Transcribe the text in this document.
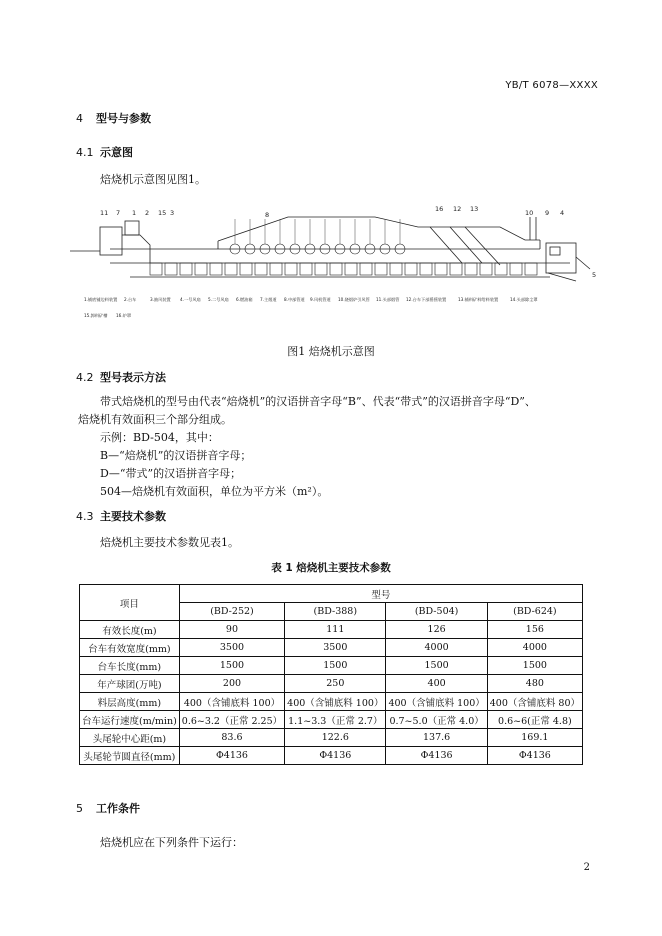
YB/T 6078—XXXX
4 型号与参数
4.1 示意图
焙烧机示意图见图1。
11 7 1 2 15 3	8
16 12 13	10 9 4
5
1.铺底铺边料装置 2.台车	3.抽风装置 4.一号风扇 5.二号风扇 6.燃油箱 7.主烟道 8.中部管道 9.风机管道 10.烧烟炉引风管 11.头部烟管 12.台车下部摇摇装置	13.铺料矿料给料装置	14.头部除尘罩
15.卸料矿槽 16.炉罩
图1 焙烧机示意图
4.2 型号表示方法
带式焙烧机的型号由代表“焙烧机”的汉语拼音字母“B”、代表“带式”的汉语拼音字母“D”、
焙烧机有效面积三个部分组成。
示例：BD-504，其中：
B—“焙烧机”的汉语拼音字母；
D—“带式”的汉语拼音字母；
504—焙烧机有效面积，单位为平方米（m²）。
4.3 主要技术参数
焙烧机主要技术参数见表1。
表 1 焙烧机主要技术参数
项目	型号			
	(BD-252)	(BD-388)	(BD-504)	(BD-624)
有效长度(m)	90	111	126	156
台车有效宽度(mm)	3500	3500	4000	4000
台车长度(mm)	1500	1500	1500	1500
年产球团(万吨)	200	250	400	480
料层高度(mm)	400（含铺底料 100）	400（含铺底料 100）	400（含铺底料 100）	400（含铺底料 80）
台车运行速度(m/min)	0.6~3.2（正常 2.25）	1.1~3.3（正常 2.7）	0.7~5.0（正常 4.0）	0.6~6(正常 4.8)
头尾轮中心距(m)	83.6	122.6	137.6	169.1
头尾轮节圆直径(mm)	Φ4136	Φ4136	Φ4136	Φ4136
5 工作条件
焙烧机应在下列条件下运行：
2
